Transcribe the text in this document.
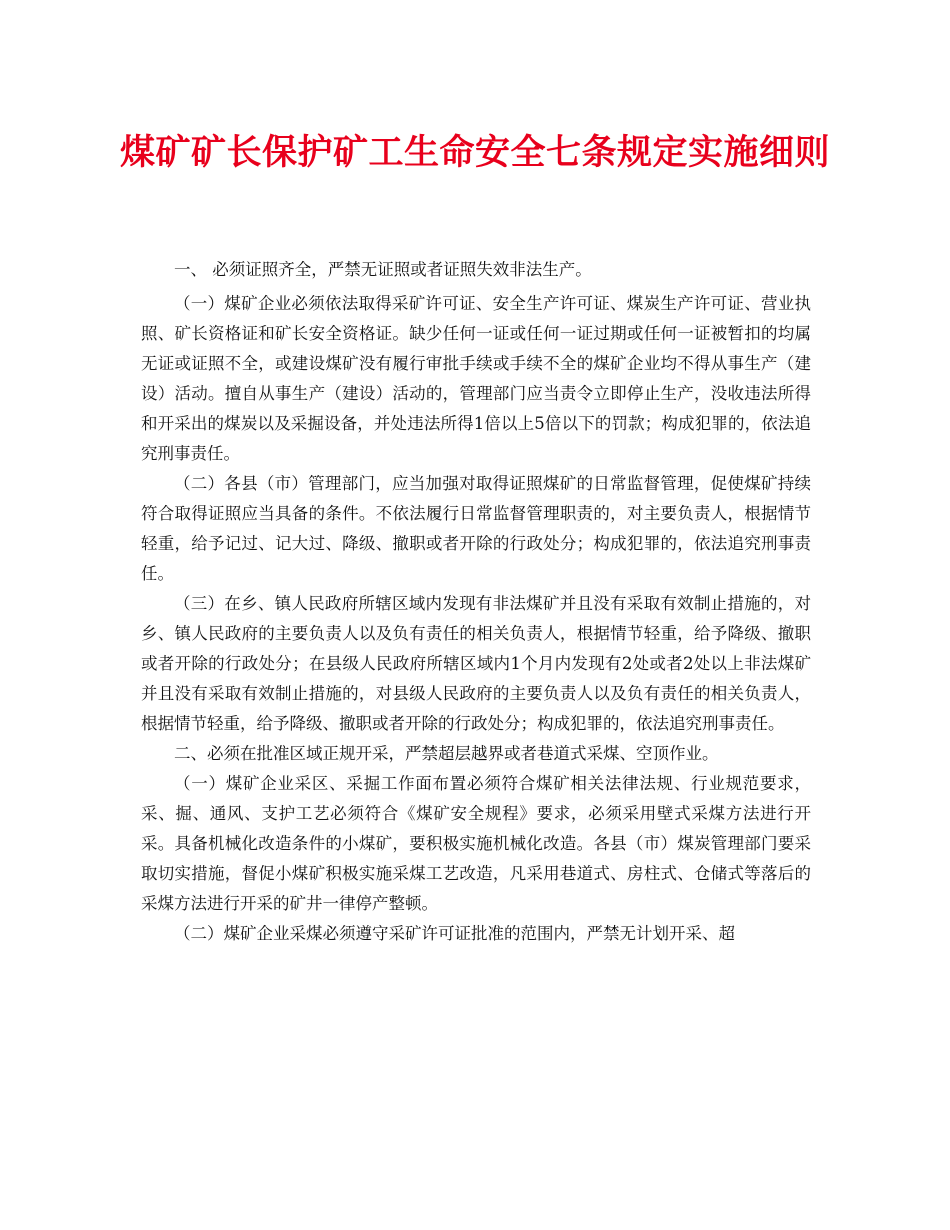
煤矿矿长保护矿工生命安全七条规定实施细则

一、 必须证照齐全，严禁无证照或者证照失效非法生产。

（一）煤矿企业必须依法取得采矿许可证、安全生产许可证、煤炭生产许可证、营业执照、矿长资格证和矿长安全资格证。缺少任何一证或任何一证过期或任何一证被暂扣的均属无证或证照不全，或建设煤矿没有履行审批手续或手续不全的煤矿企业均不得从事生产（建设）活动。擅自从事生产（建设）活动的，管理部门应当责令立即停止生产，没收违法所得和开采出的煤炭以及采掘设备，并处违法所得1倍以上5倍以下的罚款；构成犯罪的，依法追究刑事责任。

（二）各县（市）管理部门，应当加强对取得证照煤矿的日常监督管理，促使煤矿持续符合取得证照应当具备的条件。不依法履行日常监督管理职责的，对主要负责人，根据情节轻重，给予记过、记大过、降级、撤职或者开除的行政处分；构成犯罪的，依法追究刑事责任。

（三）在乡、镇人民政府所辖区域内发现有非法煤矿并且没有采取有效制止措施的，对乡、镇人民政府的主要负责人以及负有责任的相关负责人，根据情节轻重，给予降级、撤职或者开除的行政处分；在县级人民政府所辖区域内1个月内发现有2处或者2处以上非法煤矿并且没有采取有效制止措施的，对县级人民政府的主要负责人以及负有责任的相关负责人，根据情节轻重，给予降级、撤职或者开除的行政处分；构成犯罪的，依法追究刑事责任。

二、必须在批准区域正规开采，严禁超层越界或者巷道式采煤、空顶作业。

（一）煤矿企业采区、采掘工作面布置必须符合煤矿相关法律法规、行业规范要求，采、掘、通风、支护工艺必须符合《煤矿安全规程》要求，必须采用壁式采煤方法进行开采。具备机械化改造条件的小煤矿，要积极实施机械化改造。各县（市）煤炭管理部门要采取切实措施，督促小煤矿积极实施采煤工艺改造，凡采用巷道式、房柱式、仓储式等落后的采煤方法进行开采的矿井一律停产整顿。

（二）煤矿企业采煤必须遵守采矿许可证批准的范围内，严禁无计划开采、超
